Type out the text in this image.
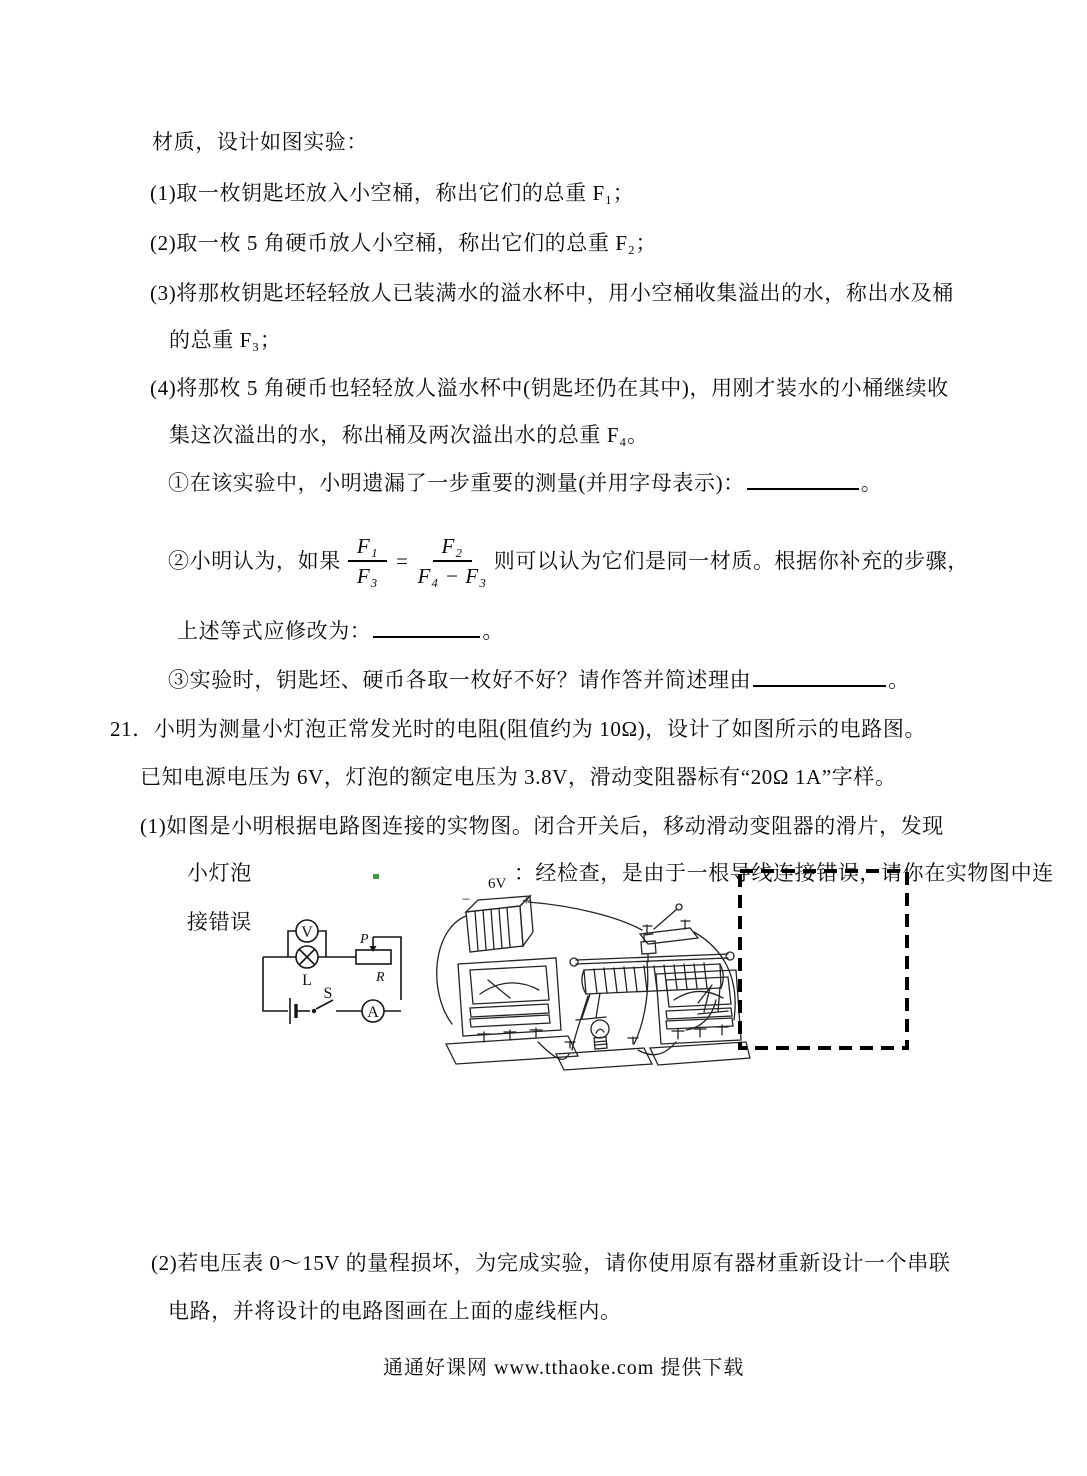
材质，设计如图实验：
(1)取一枚钥匙坯放入小空桶，称出它们的总重 F₁；
(2)取一枚 5 角硬币放人小空桶，称出它们的总重 F₂；
(3)将那枚钥匙坯轻轻放人已装满水的溢水杯中，用小空桶收集溢出的水，称出水及桶
的总重 F₃；
(4)将那枚 5 角硬币也轻轻放人溢水杯中(钥匙坯仍在其中)，用刚才装水的小桶继续收
集这次溢出的水，称出桶及两次溢出水的总重 F₄。
①在该实验中，小明遗漏了一步重要的测量(并用字母表示)：	。
②小明认为，如果 $\frac{\text{F₁}}{\text{F₃}} = \frac{\text{F₂}}{\text{F₄ − F₃}}$ 则可以认为它们是同一材质。根据你补充的步骤，
上述等式应修改为：	。
③实验时，钥匙坯、硬币各取一枚好不好？请作答并简述理由	。
21．小明为测量小灯泡正常发光时的电阻(阻值约为 10Ω)，设计了如图所示的电路图。
已知电源电压为 6V，灯泡的额定电压为 3.8V，滑动变阻器标有“20Ω 1A”字样。
(1)如图是小明根据电路图连接的实物图。闭合开关后，移动滑动变阻器的滑片，发现
小灯泡	：经检查，是由于一根导线连接错误，请你在实物图中连
接错误	V
L
P
R
S
A
6V
−	+
(2)若电压表 0～15V 的量程损坏，为完成实验，请你使用原有器材重新设计一个串联
电路，并将设计的电路图画在上面的虚线框内。
通通好课网 www.tthaoke.com 提供下载
